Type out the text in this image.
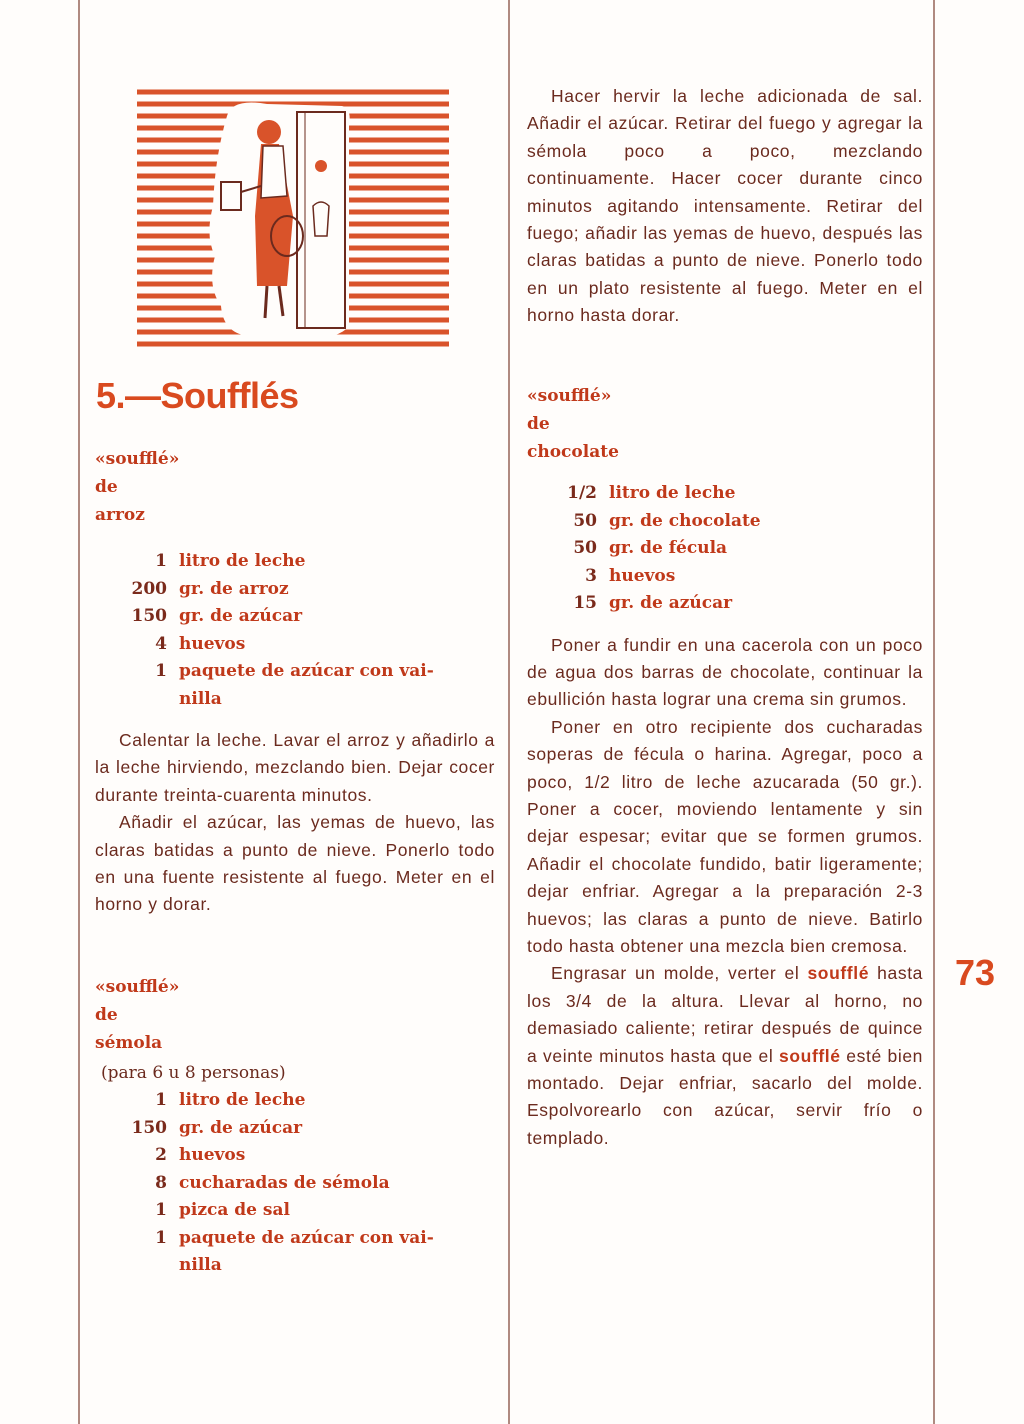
5.—Soufflés
«soufflé»
de
arroz
1 litro de leche
200 gr. de arroz
150 gr. de azúcar
4 huevos
1 paquete de azúcar con vai-
nilla

Calentar la leche. Lavar el arroz y añadirlo a la leche hirviendo, mezclando bien. Dejar cocer durante treinta-cuarenta minutos.

Añadir el azúcar, las yemas de huevo, las claras batidas a punto de nieve. Ponerlo todo en una fuente resistente al fuego. Meter en el horno y dorar.

«soufflé»
de
sémola
(para 6 u 8 personas)
1 litro de leche
150 gr. de azúcar
2 huevos
8 cucharadas de sémola
1 pizca de sal
1 paquete de azúcar con vai-
nilla

Hacer hervir la leche adicionada de sal. Añadir el azúcar. Retirar del fuego y agregar la sémola poco a poco, mezclando continuamente. Hacer cocer durante cinco minutos agitando intensamente. Retirar del fuego; añadir las yemas de huevo, después las claras batidas a punto de nieve. Ponerlo todo en un plato resistente al fuego. Meter en el horno hasta dorar.

«soufflé»
de
chocolate
1/2 litro de leche
50 gr. de chocolate
50 gr. de fécula
3 huevos
15 gr. de azúcar

Poner a fundir en una cacerola con un poco de agua dos barras de chocolate, continuar la ebullición hasta lograr una crema sin grumos.

Poner en otro recipiente dos cucharadas soperas de fécula o harina. Agregar, poco a poco, 1/2 litro de leche azucarada (50 gr.). Poner a cocer, moviendo lentamente y sin dejar espesar; evitar que se formen grumos. Añadir el chocolate fundido, batir ligeramente; dejar enfriar. Agregar a la preparación 2-3 huevos; las claras a punto de nieve. Batirlo todo hasta obtener una mezcla bien cremosa.

Engrasar un molde, verter el soufflé hasta los 3/4 de la altura. Llevar al horno, no demasiado caliente; retirar después de quince a veinte minutos hasta que el soufflé esté bien montado. Dejar enfriar, sacarlo del molde. Espolvorearlo con azúcar, servir frío o templado.

73
